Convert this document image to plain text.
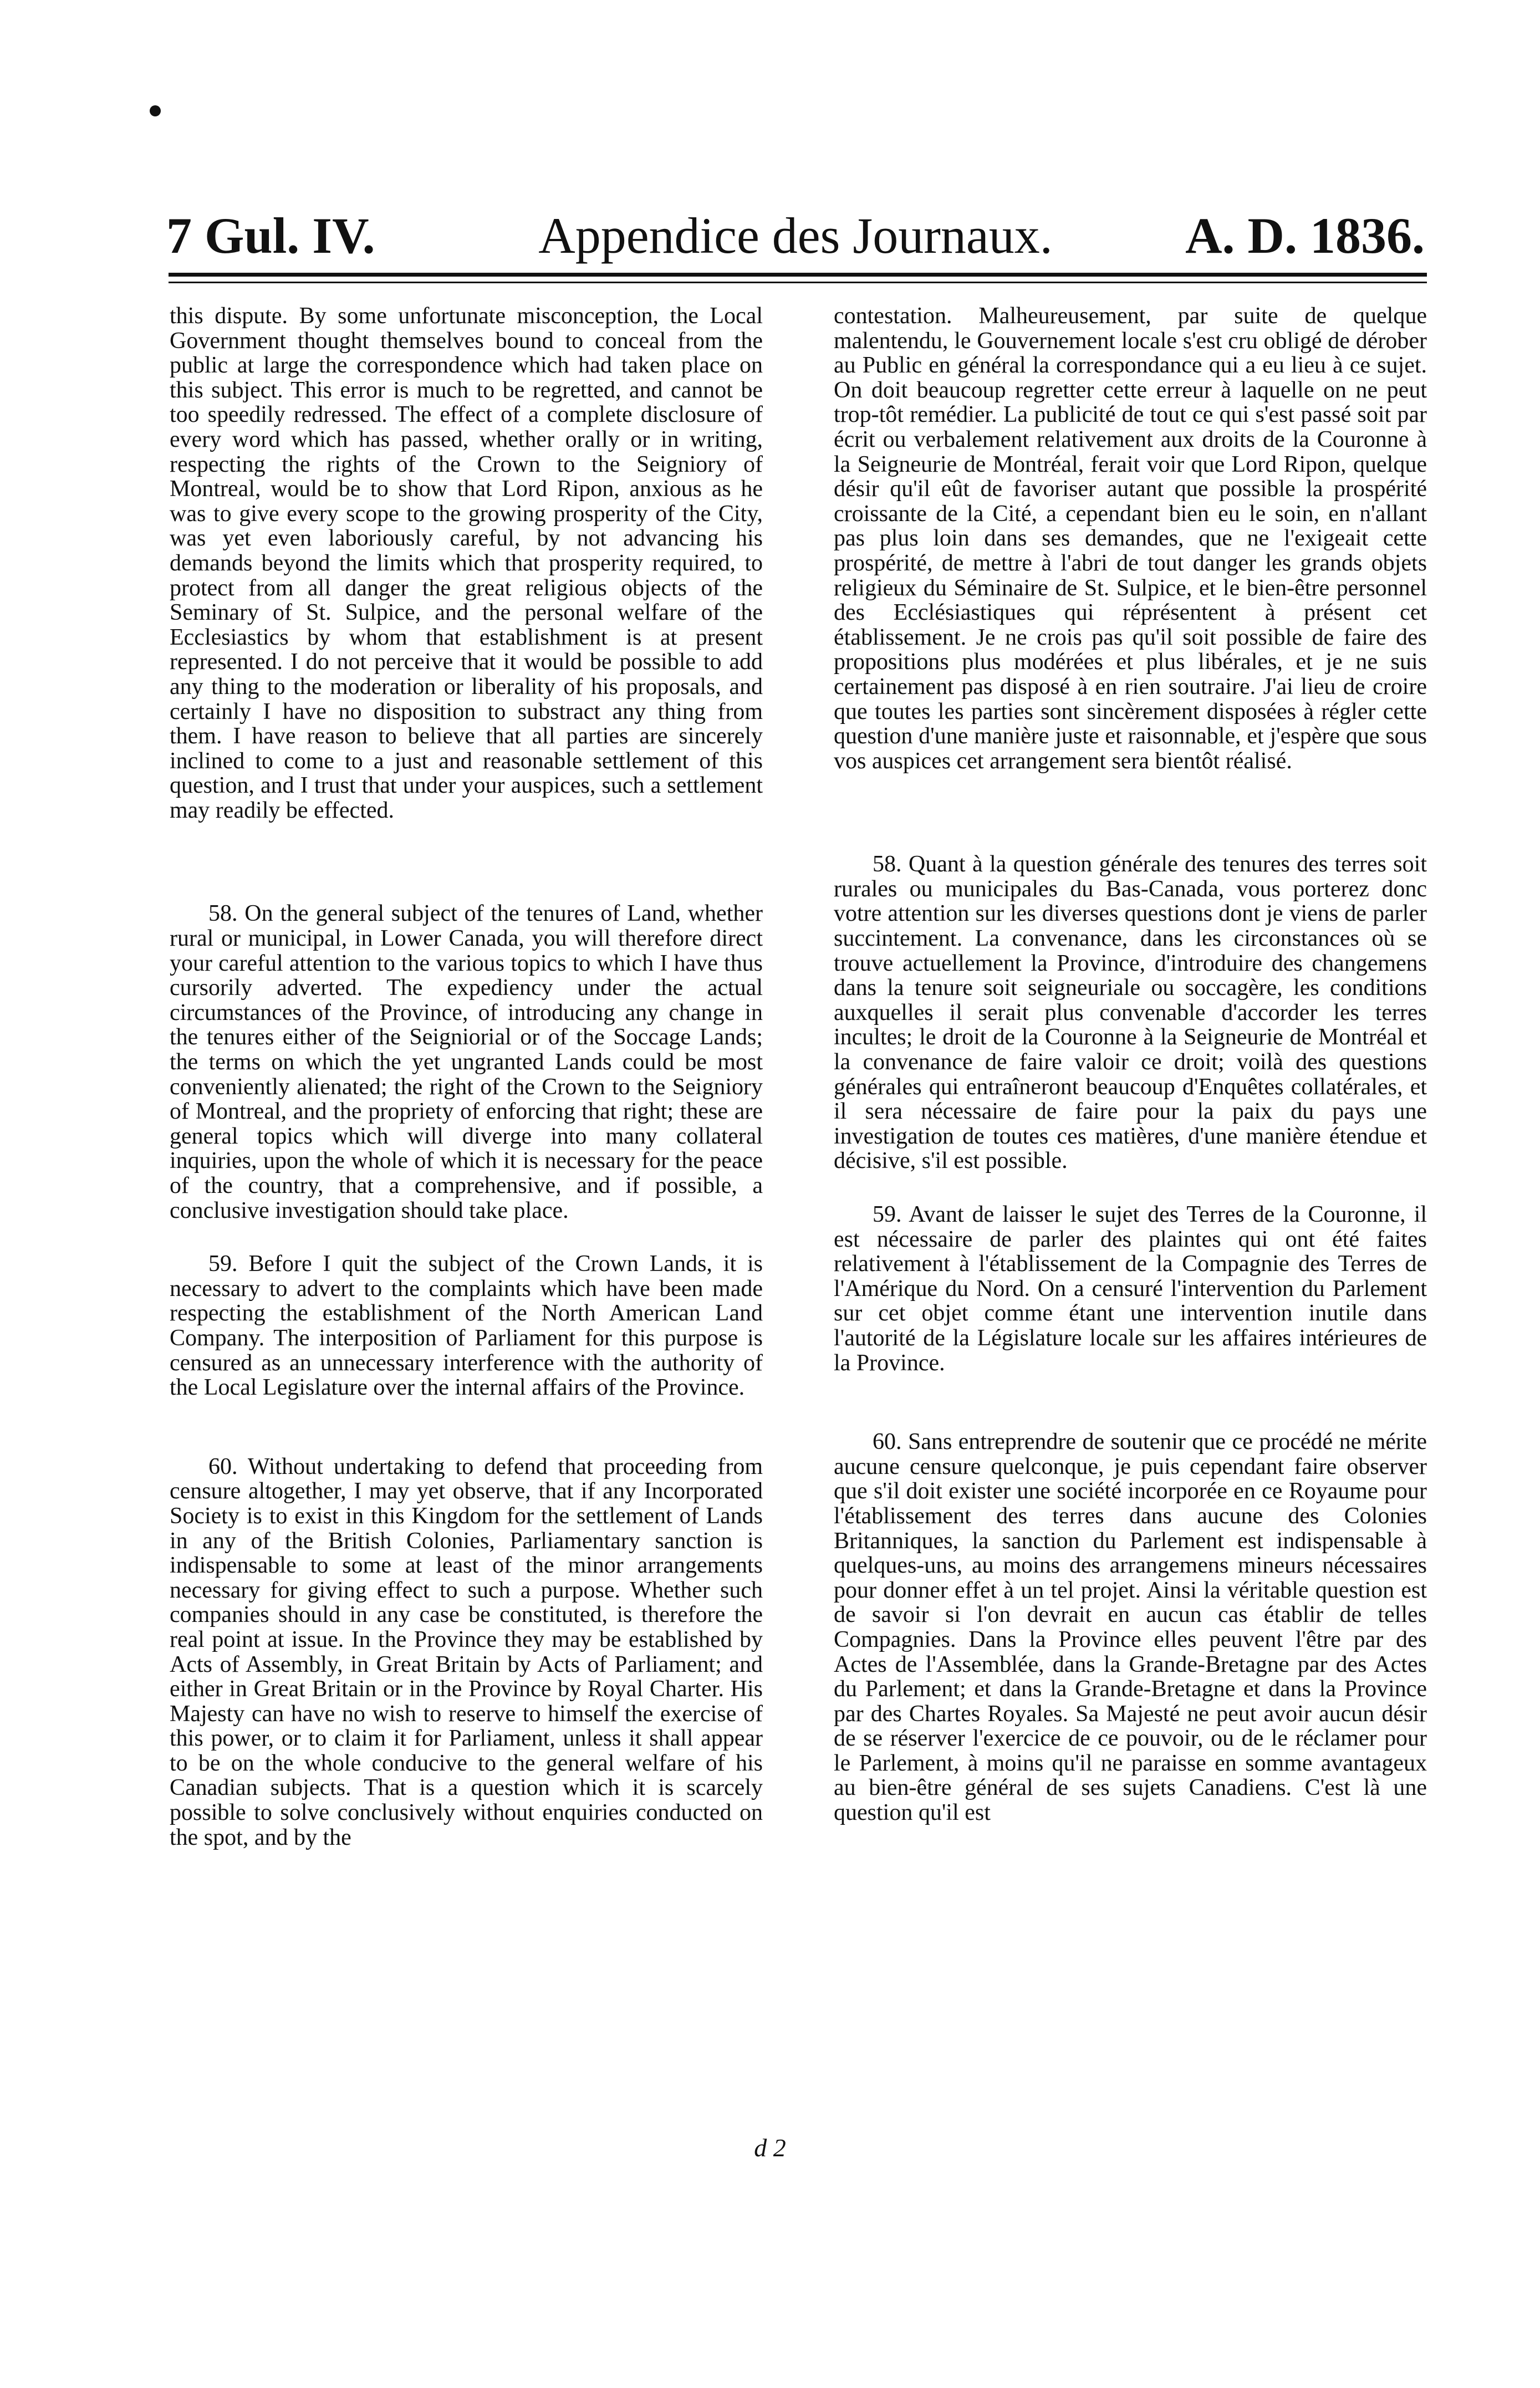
7 Gul. IV.	Appendice des Journaux.	A. D. 1836.

this dispute. By some unfortunate misconception, the Local Government thought themselves bound to conceal from the public at large the correspondence which had taken place on this subject. This error is much to be regretted, and cannot be too speedily redressed. The effect of a complete disclosure of every word which has passed, whether orally or in writing, respecting the rights of the Crown to the Seigniory of Montreal, would be to show that Lord Ripon, anxious as he was to give every scope to the growing prosperity of the City, was yet even laboriously careful, by not advancing his demands beyond the limits which that prosperity required, to protect from all danger the great religious objects of the Seminary of St. Sulpice, and the personal welfare of the Ecclesiastics by whom that establishment is at present represented. I do not perceive that it would be possible to add any thing to the moderation or liberality of his proposals, and certainly I have no disposition to substract any thing from them. I have reason to believe that all parties are sincerely inclined to come to a just and reasonable settlement of this question, and I trust that under your auspices, such a settlement may readily be effected.

58. On the general subject of the tenures of Land, whether rural or municipal, in Lower Canada, you will therefore direct your careful attention to the various topics to which I have thus cursorily adverted. The expediency under the actual circumstances of the Province, of introducing any change in the tenures either of the Seigniorial or of the Soccage Lands; the terms on which the yet ungranted Lands could be most conveniently alienated; the right of the Crown to the Seigniory of Montreal, and the propriety of enforcing that right; these are general topics which will diverge into many collateral inquiries, upon the whole of which it is necessary for the peace of the country, that a comprehensive, and if possible, a conclusive investigation should take place.

59. Before I quit the subject of the Crown Lands, it is necessary to advert to the complaints which have been made respecting the establishment of the North American Land Company. The interposition of Parliament for this purpose is censured as an unnecessary interference with the authority of the Local Legislature over the internal affairs of the Province.

60. Without undertaking to defend that proceeding from censure altogether, I may yet observe, that if any Incorporated Society is to exist in this Kingdom for the settlement of Lands in any of the British Colonies, Parliamentary sanction is indispensable to some at least of the minor arrangements necessary for giving effect to such a purpose. Whether such companies should in any case be constituted, is therefore the real point at issue. In the Province they may be established by Acts of Assembly, in Great Britain by Acts of Parliament; and either in Great Britain or in the Province by Royal Charter. His Majesty can have no wish to reserve to himself the exercise of this power, or to claim it for Parliament, unless it shall appear to be on the whole conducive to the general welfare of his Canadian subjects. That is a question which it is scarcely possible to solve conclusively without enquiries conducted on the spot, and by the

contestation. Malheureusement, par suite de quelque malentendu, le Gouvernement locale s'est cru obligé de dérober au Public en général la correspondance qui a eu lieu à ce sujet. On doit beaucoup regretter cette erreur à laquelle on ne peut trop-tôt remédier. La publicité de tout ce qui s'est passé soit par écrit ou verbalement relativement aux droits de la Couronne à la Seigneurie de Montréal, ferait voir que Lord Ripon, quelque désir qu'il eût de favoriser autant que possible la prospérité croissante de la Cité, a cependant bien eu le soin, en n'allant pas plus loin dans ses demandes, que ne l'exigeait cette prospérité, de mettre à l'abri de tout danger les grands objets religieux du Séminaire de St. Sulpice, et le bien-être personnel des Ecclésiastiques qui réprésentent à présent cet établissement. Je ne crois pas qu'il soit possible de faire des propositions plus modérées et plus libérales, et je ne suis certainement pas disposé à en rien soutraire. J'ai lieu de croire que toutes les parties sont sincèrement disposées à régler cette question d'une manière juste et raisonnable, et j'espère que sous vos auspices cet arrangement sera bientôt réalisé.

58. Quant à la question générale des tenures des terres soit rurales ou municipales du Bas-Canada, vous porterez donc votre attention sur les diverses questions dont je viens de parler succintement. La convenance, dans les circonstances où se trouve actuellement la Province, d'introduire des changemens dans la tenure soit seigneuriale ou soccagère, les conditions auxquelles il serait plus convenable d'accorder les terres incultes; le droit de la Couronne à la Seigneurie de Montréal et la convenance de faire valoir ce droit; voilà des questions générales qui entraîneront beaucoup d'Enquêtes collatérales, et il sera nécessaire de faire pour la paix du pays une investigation de toutes ces matières, d'une manière étendue et décisive, s'il est possible.

59. Avant de laisser le sujet des Terres de la Couronne, il est nécessaire de parler des plaintes qui ont été faites relativement à l'établissement de la Compagnie des Terres de l'Amérique du Nord. On a censuré l'intervention du Parlement sur cet objet comme étant une intervention inutile dans l'autorité de la Législature locale sur les affaires intérieures de la Province.

60. Sans entreprendre de soutenir que ce procédé ne mérite aucune censure quelconque, je puis cependant faire observer que s'il doit exister une société incorporée en ce Royaume pour l'établissement des terres dans aucune des Colonies Britanniques, la sanction du Parlement est indispensable à quelques-uns, au moins des arrangemens mineurs nécessaires pour donner effet à un tel projet. Ainsi la véritable question est de savoir si l'on devrait en aucun cas établir de telles Compagnies. Dans la Province elles peuvent l'être par des Actes de l'Assemblée, dans la Grande-Bretagne par des Actes du Parlement; et dans la Grande-Bretagne et dans la Province par des Chartes Royales. Sa Majesté ne peut avoir aucun désir de se réserver l'exercice de ce pouvoir, ou de le réclamer pour le Parlement, à moins qu'il ne paraisse en somme avantageux au bien-être général de ses sujets Canadiens. C'est là une question qu'il est

d 2
